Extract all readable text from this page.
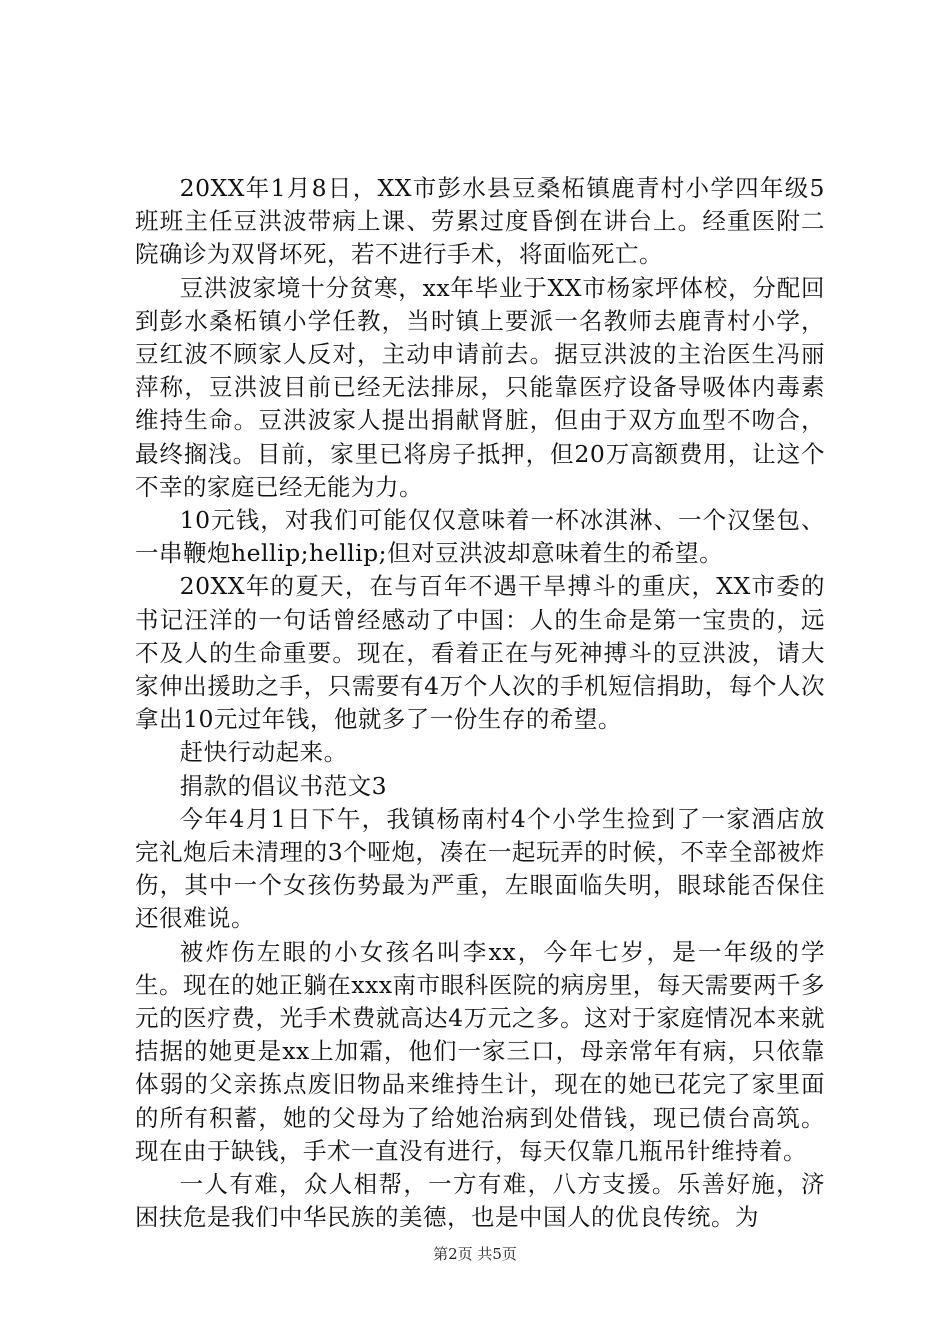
20XX年1月8日，XX市彭水县豆桑柘镇鹿青村小学四年级5班班主任豆洪波带病上课、劳累过度昏倒在讲台上。经重医附二院确诊为双肾坏死，若不进行手术，将面临死亡。

豆洪波家境十分贫寒，xx年毕业于XX市杨家坪体校，分配回到彭水桑柘镇小学任教，当时镇上要派一名教师去鹿青村小学，豆红波不顾家人反对，主动申请前去。据豆洪波的主治医生冯丽萍称，豆洪波目前已经无法排尿，只能靠医疗设备导吸体内毒素维持生命。豆洪波家人提出捐献肾脏，但由于双方血型不吻合，最终搁浅。目前，家里已将房子抵押，但20万高额费用，让这个不幸的家庭已经无能为力。

10元钱，对我们可能仅仅意味着一杯冰淇淋、一个汉堡包、一串鞭炮hellip;hellip;但对豆洪波却意味着生的希望。

20XX年的夏天，在与百年不遇干旱搏斗的重庆，XX市委的书记汪洋的一句话曾经感动了中国：人的生命是第一宝贵的，远不及人的生命重要。现在，看着正在与死神搏斗的豆洪波，请大家伸出援助之手，只需要有4万个人次的手机短信捐助，每个人次拿出10元过年钱，他就多了一份生存的希望。

赶快行动起来。

捐款的倡议书范文3

今年4月1日下午，我镇杨南村4个小学生捡到了一家酒店放完礼炮后未清理的3个哑炮，凑在一起玩弄的时候，不幸全部被炸伤，其中一个女孩伤势最为严重，左眼面临失明，眼球能否保住还很难说。

被炸伤左眼的小女孩名叫李xx，今年七岁，是一年级的学生。现在的她正躺在xxx南市眼科医院的病房里，每天需要两千多元的医疗费，光手术费就高达4万元之多。这对于家庭情况本来就拮据的她更是xx上加霜，他们一家三口，母亲常年有病，只依靠体弱的父亲拣点废旧物品来维持生计，现在的她已花完了家里面的所有积蓄，她的父母为了给她治病到处借钱，现已债台高筑。现在由于缺钱，手术一直没有进行，每天仅靠几瓶吊针维持着。

一人有难，众人相帮，一方有难，八方支援。乐善好施，济困扶危是我们中华民族的美德，也是中国人的优良传统。为

第2页 共5页
